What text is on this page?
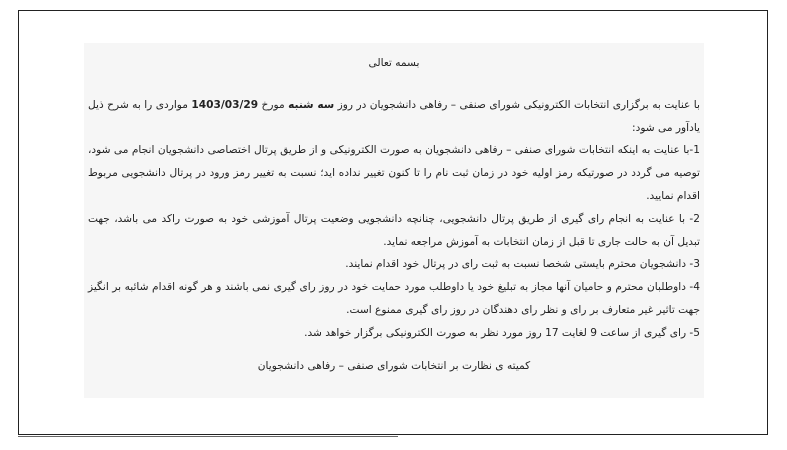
بسمه تعالی

با عنایت به برگزاری انتخابات الکترونیکی شورای صنفی – رفاهی دانشجویان در روز سه شنبه مورخ 1403/03/29 مواردی را به شرح ذیل یادآور می شود:

1-با عنایت به اینکه انتخابات شورای صنفی – رفاهی دانشجویان به صورت الکترونیکی و از طریق پرتال اختصاصی دانشجویان انجام می شود، توصیه می گردد در صورتیکه رمز اولیه خود در زمان ثبت نام را تا کنون تغییر نداده اید؛ نسبت به تغییر رمز ورود در پرتال دانشجویی مربوط اقدام نمایید.

2- با عنایت به انجام رای گیری از طریق پرتال دانشجویی، چنانچه دانشجویی وضعیت پرتال آموزشی خود به صورت راکد می باشد، جهت تبدیل آن به حالت جاری تا قبل از زمان انتخابات به آموزش مراجعه نماید.

3- دانشجویان محترم بایستی شخصا نسبت به ثبت رای در پرتال خود اقدام نمایند.

4- داوطلبان محترم و حامیان آنها مجاز به تبلیغ خود یا داوطلب مورد حمایت خود در روز رای گیری نمی باشند و هر گونه اقدام شائبه بر انگیز جهت تاثیر غیر متعارف بر رای و نظر رای دهندگان در روز رای گیری ممنوع است.

5- رای گیری از ساعت 9 لغایت 17 روز مورد نظر به صورت الکترونیکی برگزار خواهد شد.

کمیته ی نظارت بر انتخابات شورای صنفی – رفاهی دانشجویان
